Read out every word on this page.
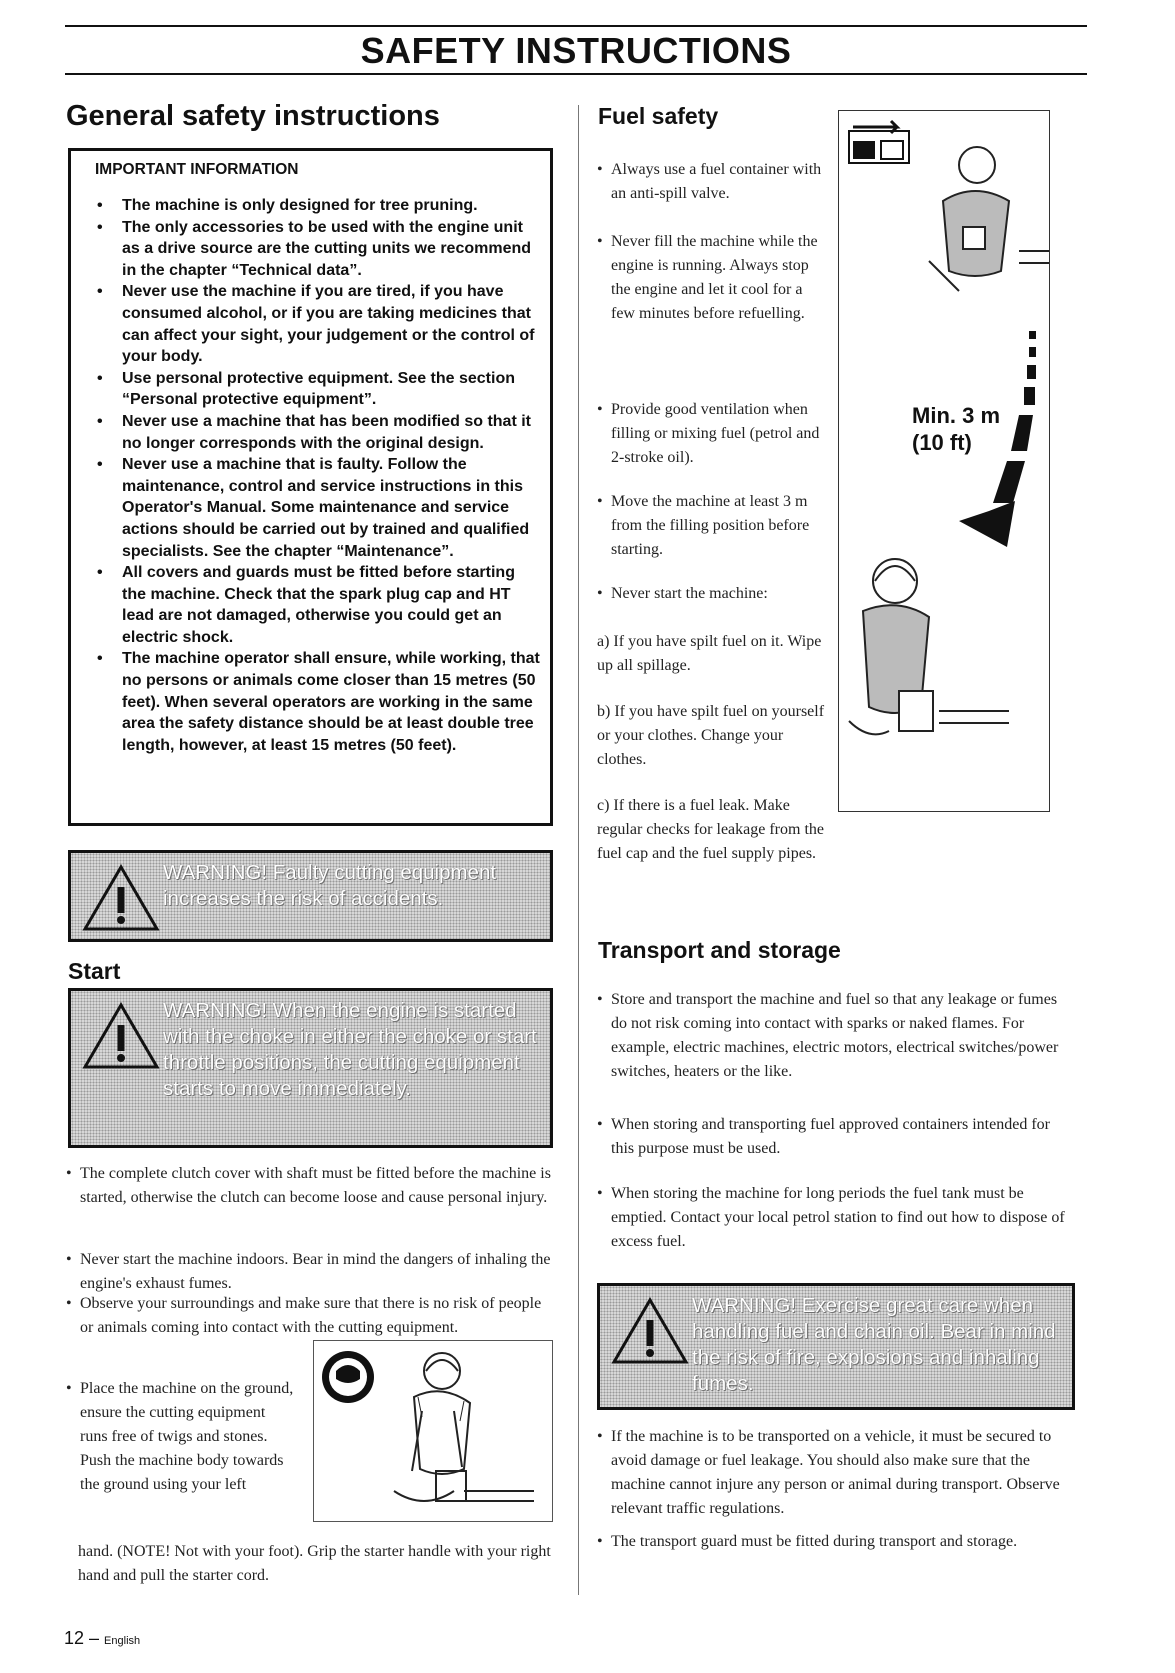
SAFETY INSTRUCTIONS
General safety instructions
IMPORTANT INFORMATION
• The machine is only designed for tree pruning.
• The only accessories to be used with the engine unit as a drive source are the cutting units we recommend in the chapter “Technical data”.
• Never use the machine if you are tired, if you have consumed alcohol, or if you are taking medicines that can affect your sight, your judgement or the control of your body.
• Use personal protective equipment. See the section “Personal protective equipment”.
• Never use a machine that has been modified so that it no longer corresponds with the original design.
• Never use a machine that is faulty. Follow the maintenance, control and service instructions in this Operator's Manual. Some maintenance and service actions should be carried out by trained and qualified specialists. See the chapter “Maintenance”.
• All covers and guards must be fitted before starting the machine. Check that the spark plug cap and HT lead are not damaged, otherwise you could get an electric shock.
• The machine operator shall ensure, while working, that no persons or animals come closer than 15 metres (50 feet). When several operators are working in the same area the safety distance should be at least double tree length, however, at least 15 metres (50 feet).
WARNING! Faulty cutting equipment increases the risk of accidents.
Start
WARNING! When the engine is started with the choke in either the choke or start throttle positions, the cutting equipment starts to move immediately.
• The complete clutch cover with shaft must be fitted before the machine is started, otherwise the clutch can become loose and cause personal injury.
• Never start the machine indoors. Bear in mind the dangers of inhaling the engine's exhaust fumes.
• Observe your surroundings and make sure that there is no risk of people or animals coming into contact with the cutting equipment.
• Place the machine on the ground, ensure the cutting equipment runs free of twigs and stones. Push the machine body towards the ground using your left
hand. (NOTE! Not with your foot). Grip the starter handle with your right hand and pull the starter cord.
Fuel safety
• Always use a fuel container with an anti-spill valve.
• Never fill the machine while the engine is running. Always stop the engine and let it cool for a few minutes before refuelling.
• Provide good ventilation when filling or mixing fuel (petrol and 2-stroke oil).
• Move the machine at least 3 m from the filling position before starting.
• Never start the machine:
a) If you have spilt fuel on it. Wipe up all spillage.
b) If you have spilt fuel on yourself or your clothes. Change your clothes.
c) If there is a fuel leak. Make regular checks for leakage from the fuel cap and the fuel supply pipes.
Min. 3 m
(10 ft)
Transport and storage
• Store and transport the machine and fuel so that any leakage or fumes do not risk coming into contact with sparks or naked flames. For example, electric machines, electric motors, electrical switches/power switches, heaters or the like.
• When storing and transporting fuel approved containers intended for this purpose must be used.
• When storing the machine for long periods the fuel tank must be emptied. Contact your local petrol station to find out how to dispose of excess fuel.
WARNING! Exercise great care when handling fuel and chain oil. Bear in mind the risk of fire, explosions and inhaling fumes.
• If the machine is to be transported on a vehicle, it must be secured to avoid damage or fuel leakage. You should also make sure that the machine cannot injure any person or animal during transport. Observe relevant traffic regulations.
• The transport guard must be fitted during transport and storage.
12 – English
